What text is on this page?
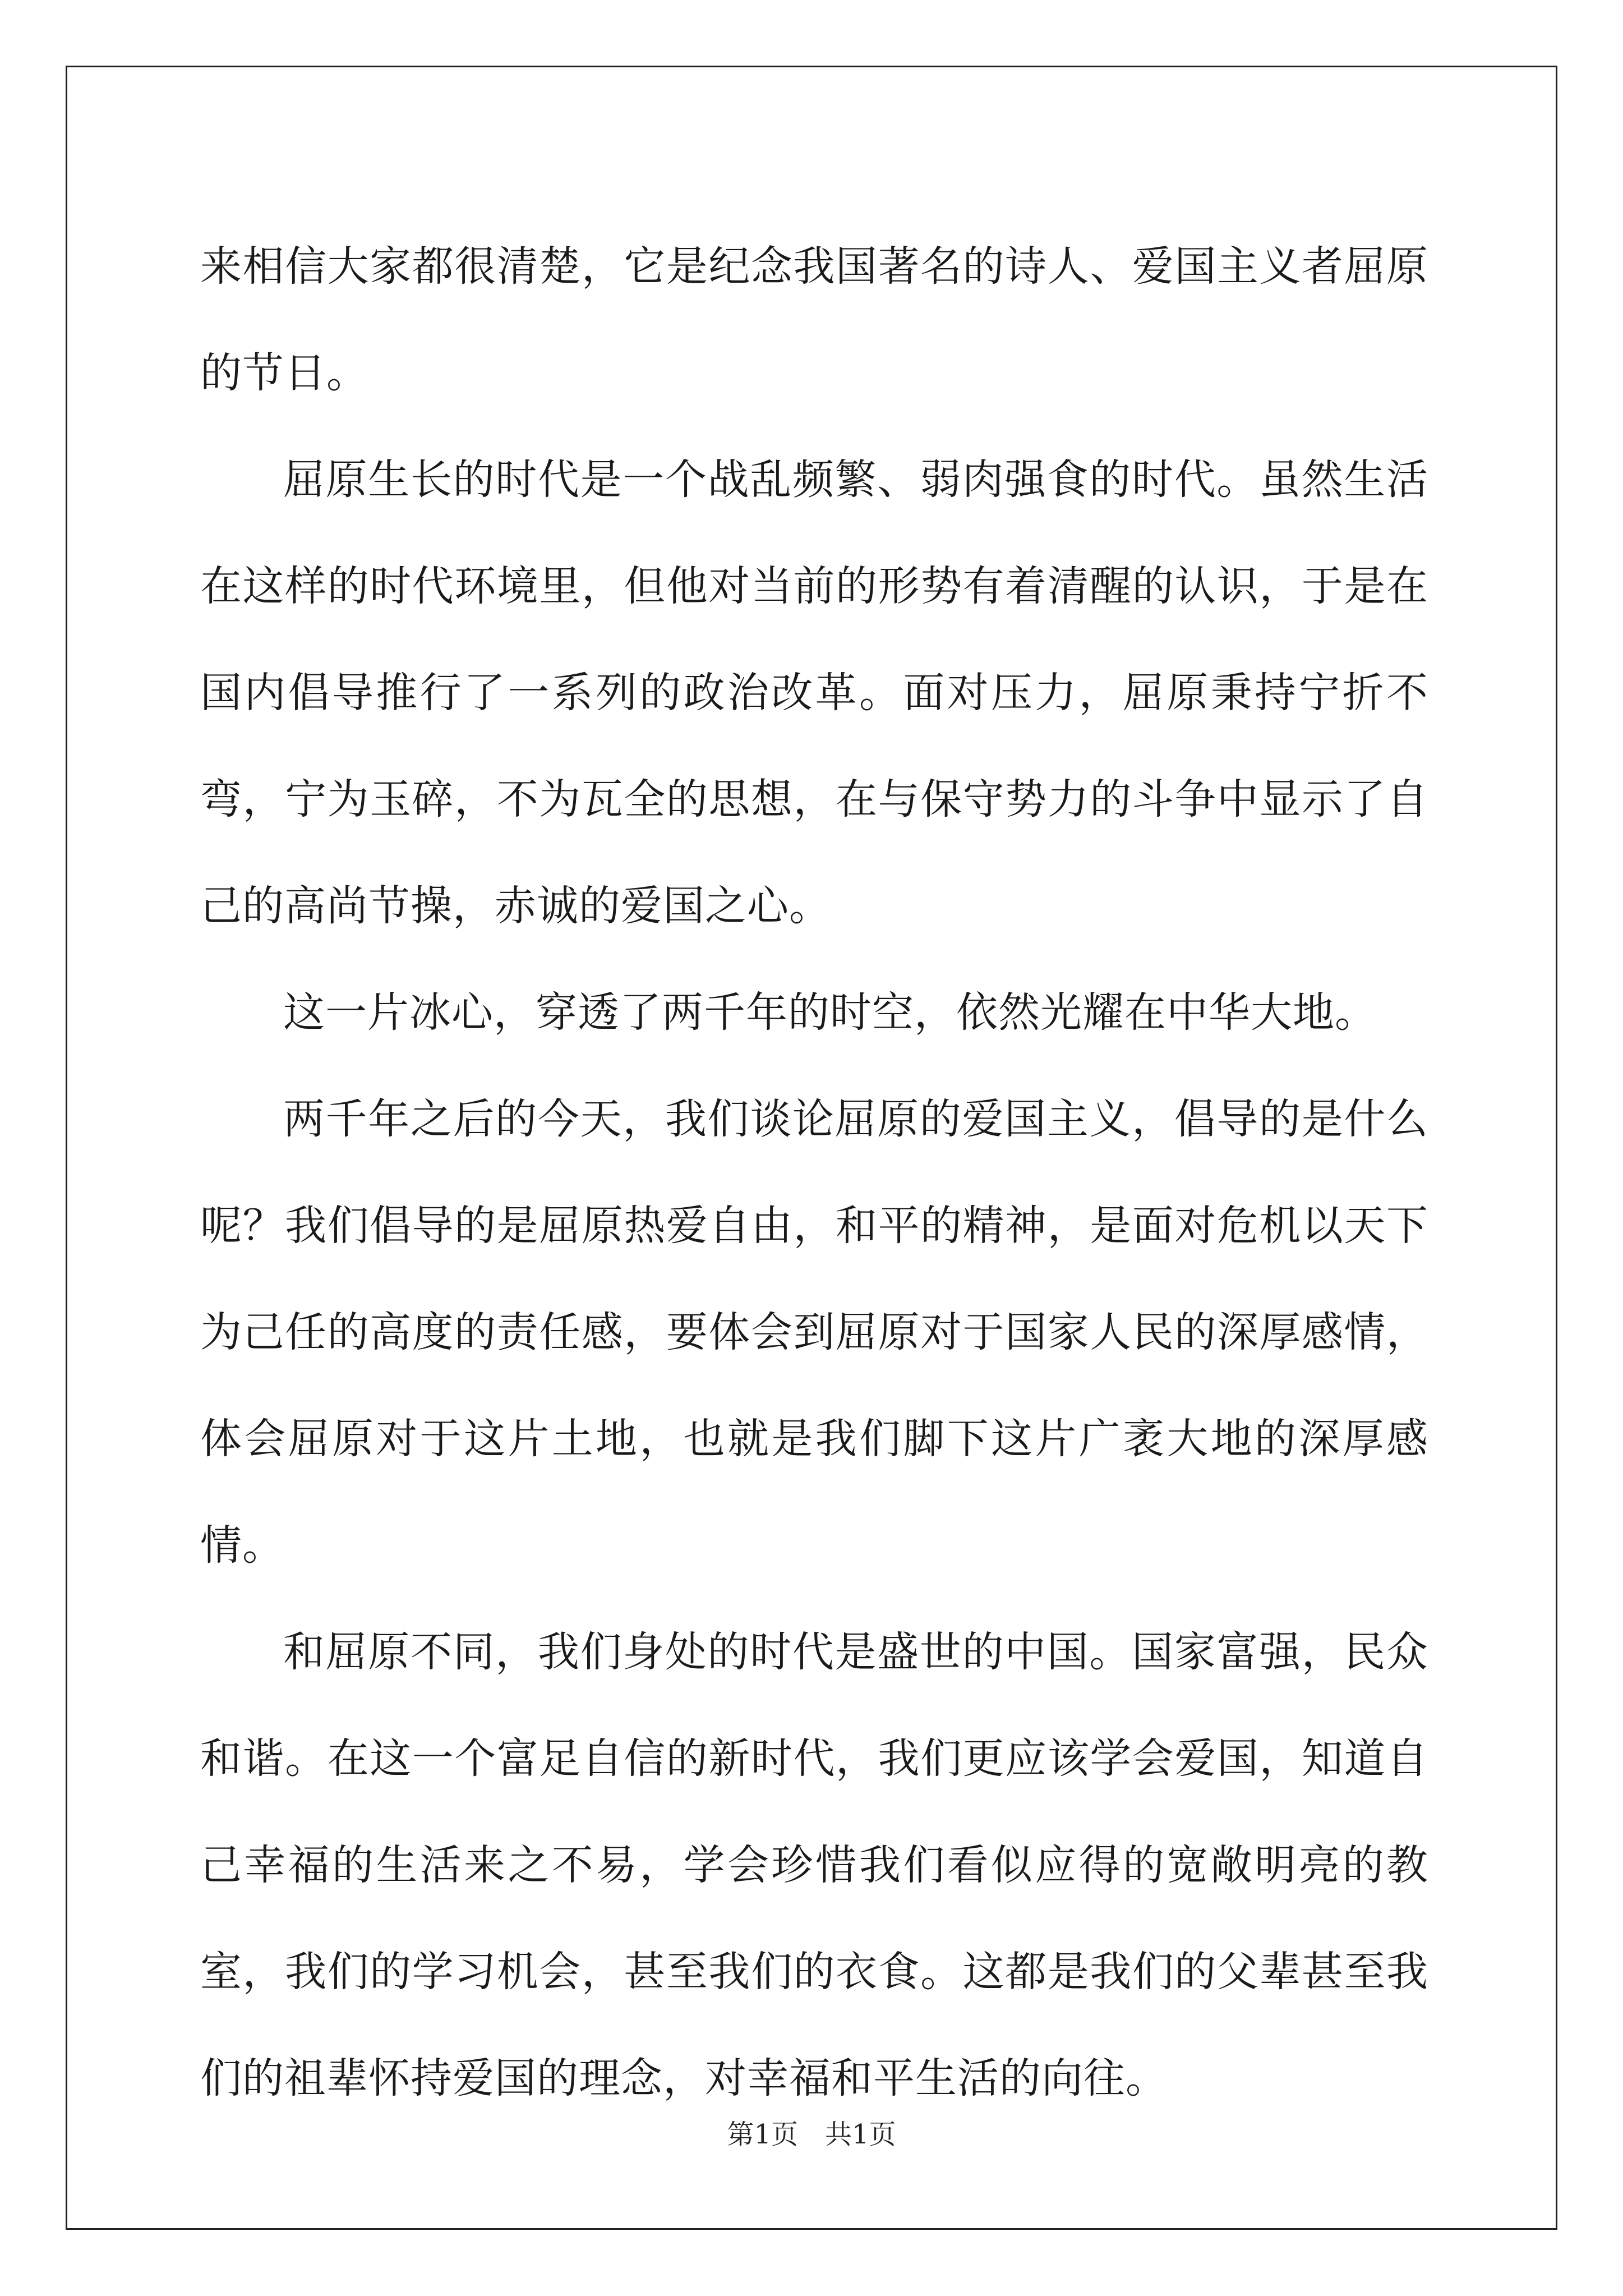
来相信大家都很清楚，它是纪念我国著名的诗人、爱国主义者屈原的节日。

屈原生长的时代是一个战乱频繁、弱肉强食的时代。虽然生活在这样的时代环境里，但他对当前的形势有着清醒的认识，于是在国内倡导推行了一系列的政治改革。面对压力，屈原秉持宁折不弯，宁为玉碎，不为瓦全的思想，在与保守势力的斗争中显示了自己的高尚节操，赤诚的爱国之心。

这一片冰心，穿透了两千年的时空，依然光耀在中华大地。

两千年之后的今天，我们谈论屈原的爱国主义，倡导的是什么呢？我们倡导的是屈原热爱自由，和平的精神，是面对危机以天下为己任的高度的责任感，要体会到屈原对于国家人民的深厚感情，体会屈原对于这片土地，也就是我们脚下这片广袤大地的深厚感情。

和屈原不同，我们身处的时代是盛世的中国。国家富强，民众和谐。在这一个富足自信的新时代，我们更应该学会爱国，知道自己幸福的生活来之不易，学会珍惜我们看似应得的宽敞明亮的教室，我们的学习机会，甚至我们的衣食。这都是我们的父辈甚至我们的祖辈怀持爱国的理念，对幸福和平生活的向往。

第1页　共1页
